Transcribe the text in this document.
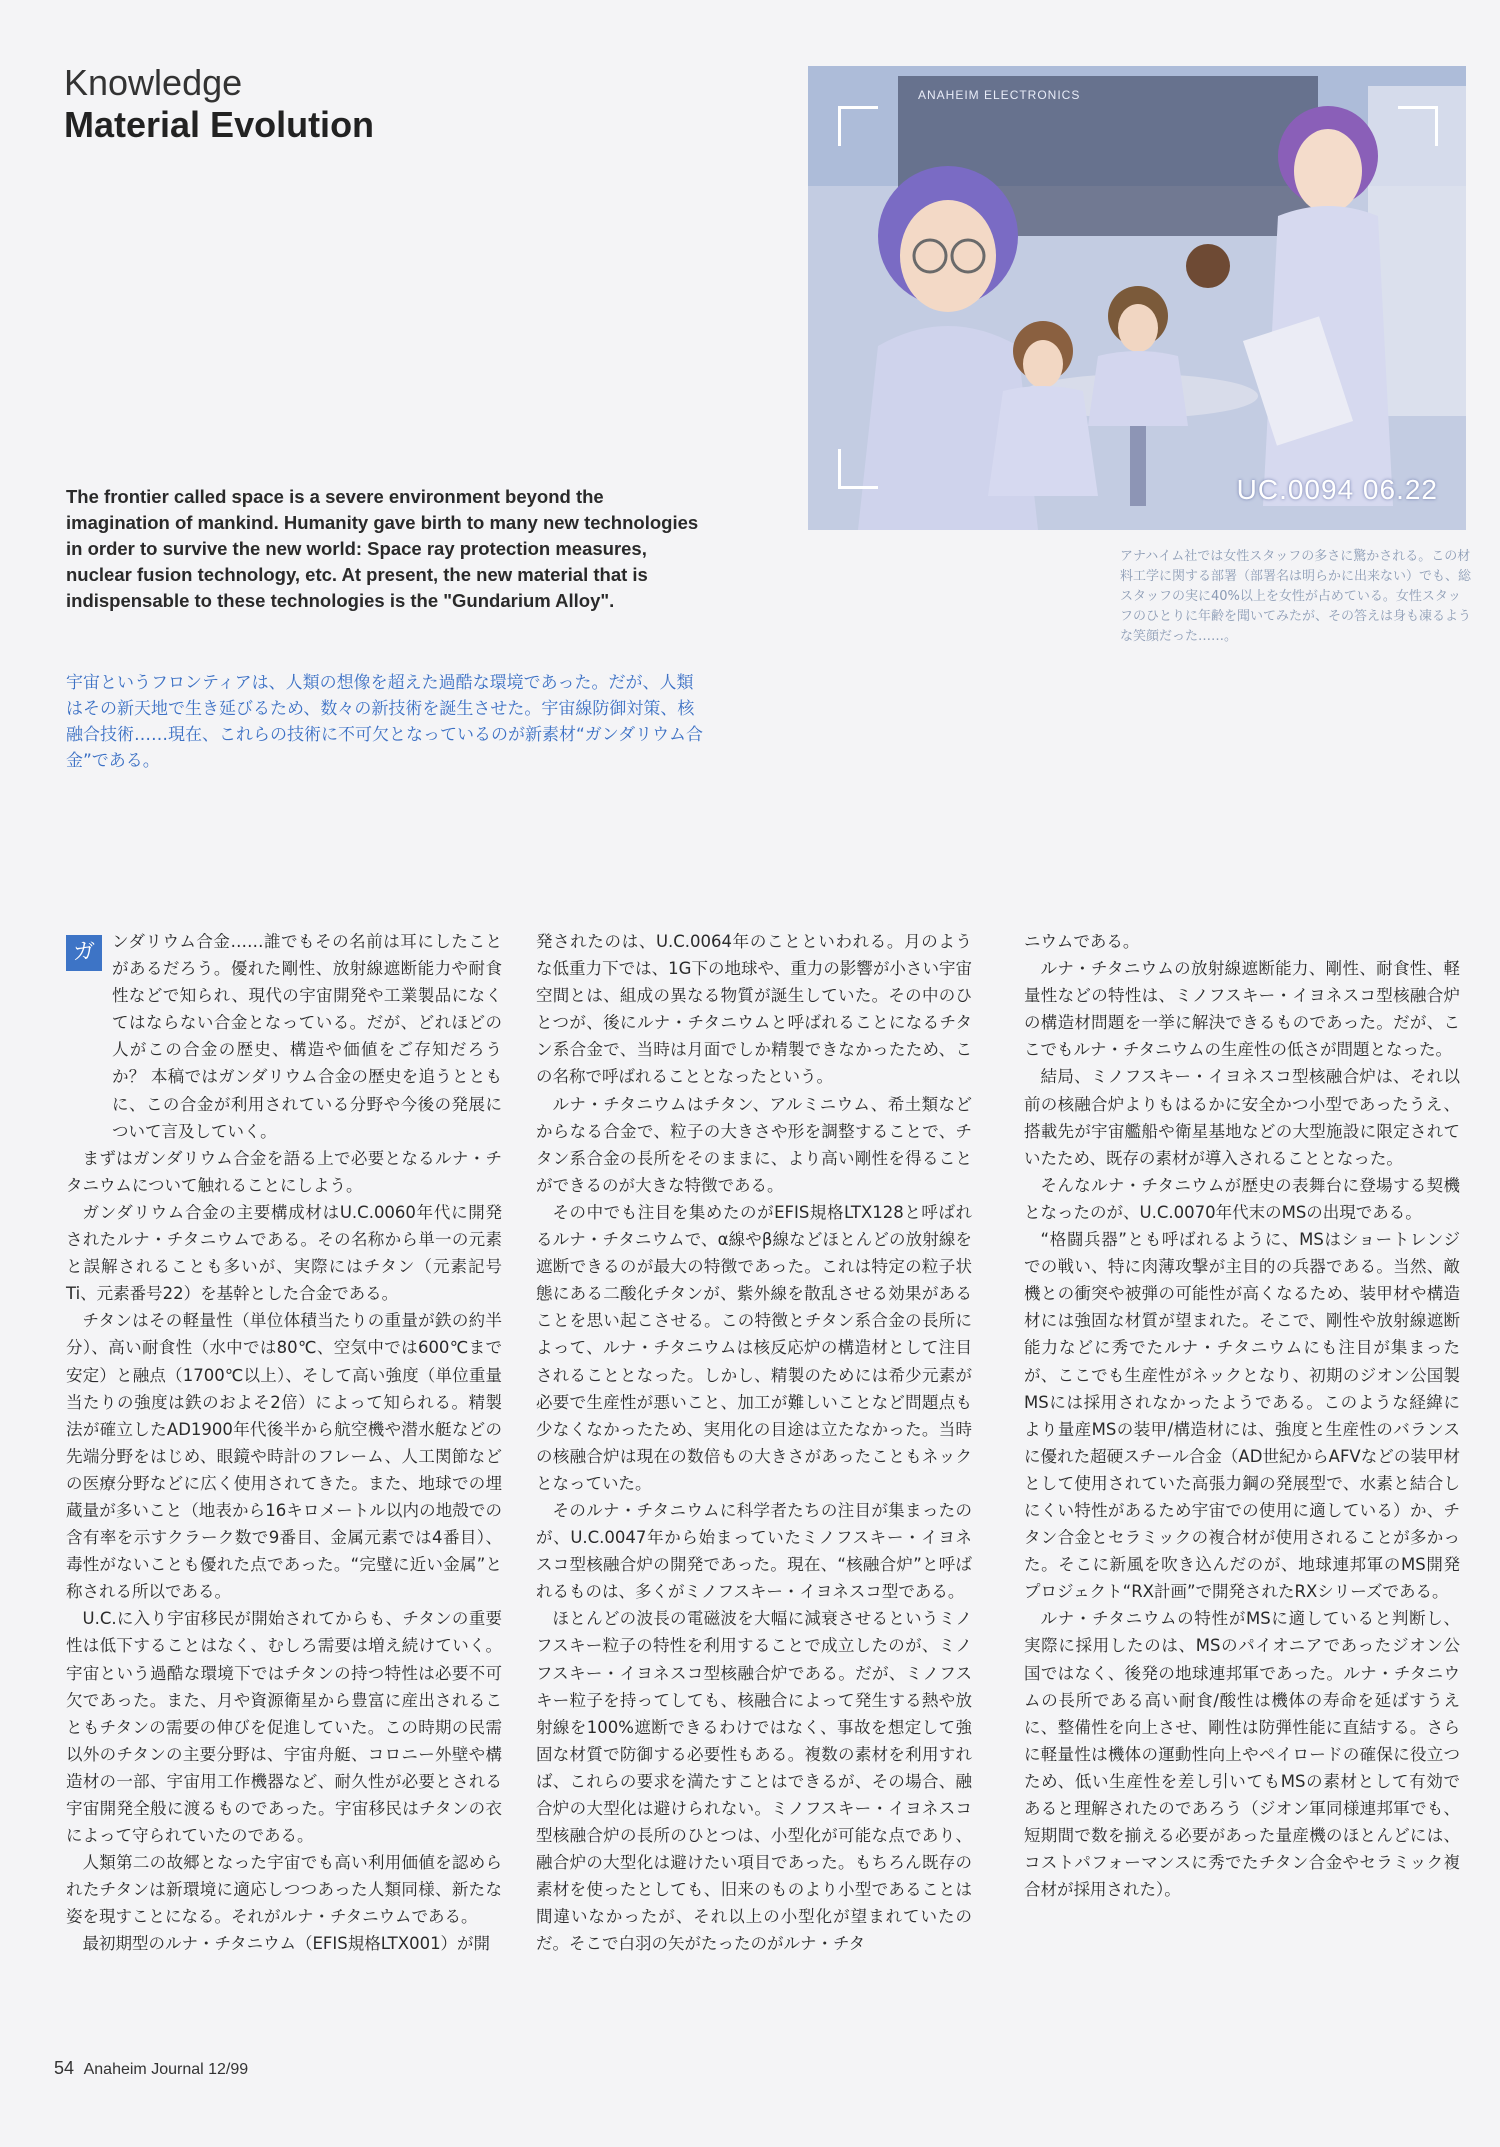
Knowledge
Material Evolution
The frontier called space is a severe environment beyond the imagination of mankind. Humanity gave birth to many new technologies in order to survive the new world: Space ray protection measures, nuclear fusion technology, etc. At present, the new material that is indispensable to these technologies is the "Gundarium Alloy".
宇宙というフロンティアは、人類の想像を超えた過酷な環境であった。だが、人類はその新天地で生き延びるため、数々の新技術を誕生させた。宇宙線防御対策、核融合技術……現在、これらの技術に不可欠となっているのが新素材“ガンダリウム合金”である。
ANAHEIM ELECTRONICS
UC.0094 06.22
アナハイム社では女性スタッフの多さに驚かされる。この材料工学に関する部署（部署名は明らかに出来ない）でも、総スタッフの実に40%以上を女性が占めている。女性スタッフのひとりに年齢を聞いてみたが、その答えは身も凍るような笑顔だった……。
ガ	ンダリウム合金……誰でもその名前は耳にしたことがあるだろう。優れた剛性、放射線遮断能力や耐食性などで知られ、現代の宇宙開発や工業製品になくてはならない合金となっている。だが、どれほどの人がこの合金の歴史、構造や価値をご存知だろうか？ 本稿ではガンダリウム合金の歴史を追うとともに、この合金が利用されている分野や今後の発展について言及していく。

まずはガンダリウム合金を語る上で必要となるルナ・チタニウムについて触れることにしよう。

ガンダリウム合金の主要構成材はU.C.0060年代に開発されたルナ・チタニウムである。その名称から単一の元素と誤解されることも多いが、実際にはチタン（元素記号Ti、元素番号22）を基幹とした合金である。

チタンはその軽量性（単位体積当たりの重量が鉄の約半分）、高い耐食性（水中では80℃、空気中では600℃まで安定）と融点（1700℃以上）、そして高い強度（単位重量当たりの強度は鉄のおよそ2倍）によって知られる。精製法が確立したAD1900年代後半から航空機や潜水艇などの先端分野をはじめ、眼鏡や時計のフレーム、人工関節などの医療分野などに広く使用されてきた。また、地球での埋蔵量が多いこと（地表から16キロメートル以内の地殻での含有率を示すクラーク数で9番目、金属元素では4番目）、毒性がないことも優れた点であった。“完璧に近い金属”と称される所以である。

U.C.に入り宇宙移民が開始されてからも、チタンの重要性は低下することはなく、むしろ需要は増え続けていく。宇宙という過酷な環境下ではチタンの持つ特性は必要不可欠であった。また、月や資源衛星から豊富に産出されることもチタンの需要の伸びを促進していた。この時期の民需以外のチタンの主要分野は、宇宙舟艇、コロニー外壁や構造材の一部、宇宙用工作機器など、耐久性が必要とされる宇宙開発全般に渡るものであった。宇宙移民はチタンの衣によって守られていたのである。

人類第二の故郷となった宇宙でも高い利用価値を認められたチタンは新環境に適応しつつあった人類同様、新たな姿を現すことになる。それがルナ・チタニウムである。

最初期型のルナ・チタニウム（EFIS規格LTX001）が開

発されたのは、U.C.0064年のことといわれる。月のような低重力下では、1G下の地球や、重力の影響が小さい宇宙空間とは、組成の異なる物質が誕生していた。その中のひとつが、後にルナ・チタニウムと呼ばれることになるチタン系合金で、当時は月面でしか精製できなかったため、この名称で呼ばれることとなったという。

ルナ・チタニウムはチタン、アルミニウム、希土類などからなる合金で、粒子の大きさや形を調整することで、チタン系合金の長所をそのままに、より高い剛性を得ることができるのが大きな特徴である。

その中でも注目を集めたのがEFIS規格LTX128と呼ばれるルナ・チタニウムで、α線やβ線などほとんどの放射線を遮断できるのが最大の特徴であった。これは特定の粒子状態にある二酸化チタンが、紫外線を散乱させる効果があることを思い起こさせる。この特徴とチタン系合金の長所によって、ルナ・チタニウムは核反応炉の構造材として注目されることとなった。しかし、精製のためには希少元素が必要で生産性が悪いこと、加工が難しいことなど問題点も少なくなかったため、実用化の目途は立たなかった。当時の核融合炉は現在の数倍もの大きさがあったこともネックとなっていた。

そのルナ・チタニウムに科学者たちの注目が集まったのが、U.C.0047年から始まっていたミノフスキー・イヨネスコ型核融合炉の開発であった。現在、“核融合炉”と呼ばれるものは、多くがミノフスキー・イヨネスコ型である。

ほとんどの波長の電磁波を大幅に減衰させるというミノフスキー粒子の特性を利用することで成立したのが、ミノフスキー・イヨネスコ型核融合炉である。だが、ミノフスキー粒子を持ってしても、核融合によって発生する熱や放射線を100%遮断できるわけではなく、事故を想定して強固な材質で防御する必要性もある。複数の素材を利用すれば、これらの要求を満たすことはできるが、その場合、融合炉の大型化は避けられない。ミノフスキー・イヨネスコ型核融合炉の長所のひとつは、小型化が可能な点であり、融合炉の大型化は避けたい項目であった。もちろん既存の素材を使ったとしても、旧来のものより小型であることは間違いなかったが、それ以上の小型化が望まれていたのだ。そこで白羽の矢がたったのがルナ・チタ

ニウムである。

ルナ・チタニウムの放射線遮断能力、剛性、耐食性、軽量性などの特性は、ミノフスキー・イヨネスコ型核融合炉の構造材問題を一挙に解決できるものであった。だが、ここでもルナ・チタニウムの生産性の低さが問題となった。

結局、ミノフスキー・イヨネスコ型核融合炉は、それ以前の核融合炉よりもはるかに安全かつ小型であったうえ、搭載先が宇宙艦船や衛星基地などの大型施設に限定されていたため、既存の素材が導入されることとなった。

そんなルナ・チタニウムが歴史の表舞台に登場する契機となったのが、U.C.0070年代末のMSの出現である。

“格闘兵器”とも呼ばれるように、MSはショートレンジでの戦い、特に肉薄攻撃が主目的の兵器である。当然、敵機との衝突や被弾の可能性が高くなるため、装甲材や構造材には強固な材質が望まれた。そこで、剛性や放射線遮断能力などに秀でたルナ・チタニウムにも注目が集まったが、ここでも生産性がネックとなり、初期のジオン公国製MSには採用されなかったようである。このような経緯により量産MSの装甲/構造材には、強度と生産性のバランスに優れた超硬スチール合金（AD世紀からAFVなどの装甲材として使用されていた高張力鋼の発展型で、水素と結合しにくい特性があるため宇宙での使用に適している）か、チタン合金とセラミックの複合材が使用されることが多かった。そこに新風を吹き込んだのが、地球連邦軍のMS開発プロジェクト“RX計画”で開発されたRXシリーズである。

ルナ・チタニウムの特性がMSに適していると判断し、実際に採用したのは、MSのパイオニアであったジオン公国ではなく、後発の地球連邦軍であった。ルナ・チタニウムの長所である高い耐食/酸性は機体の寿命を延ばすうえに、整備性を向上させ、剛性は防弾性能に直結する。さらに軽量性は機体の運動性向上やペイロードの確保に役立つため、低い生産性を差し引いてもMSの素材として有効であると理解されたのであろう（ジオン軍同様連邦軍でも、短期間で数を揃える必要があった量産機のほとんどには、コストパフォーマンスに秀でたチタン合金やセラミック複合材が採用された）。

54 Anaheim Journal 12/99
